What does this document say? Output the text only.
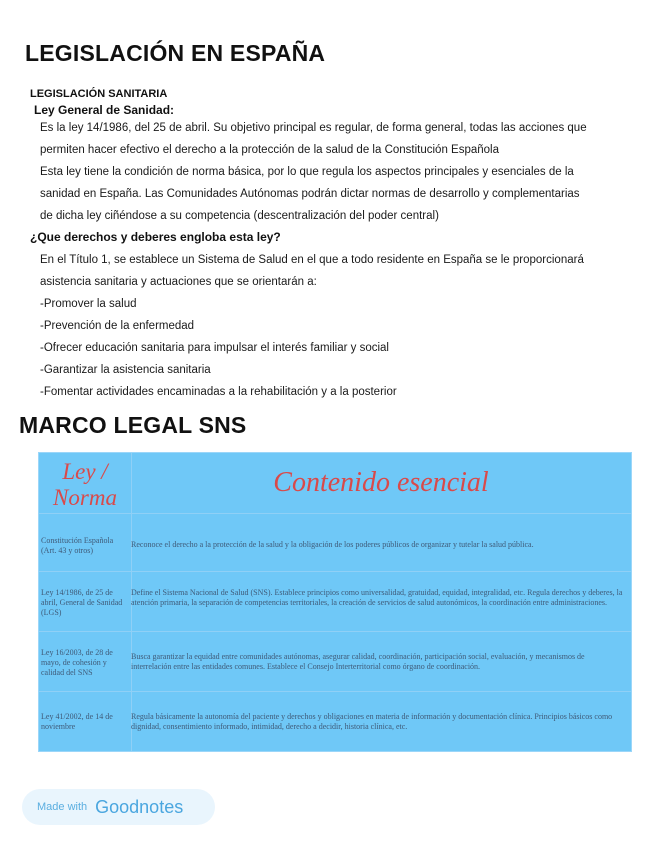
LEGISLACIÓN EN ESPAÑA
LEGISLACIÓN SANITARIA
Ley General de Sanidad:
Es la ley 14/1986, del 25 de abril. Su objetivo principal es regular, de forma general, todas las acciones que
permiten hacer efectivo el derecho a la protección de la salud de la Constitución Española
Esta ley tiene la condición de norma básica, por lo que regula los aspectos principales y esenciales de la
sanidad en España. Las Comunidades Autónomas podrán dictar normas de desarrollo y complementarias
de dicha ley ciñéndose a su competencia (descentralización del poder central)
¿Que derechos y deberes engloba esta ley?
En el Título 1, se establece un Sistema de Salud en el que a todo residente en España se le proporcionará
asistencia sanitaria y actuaciones que se orientarán a:
-Promover la salud
-Prevención de la enfermedad
-Ofrecer educación sanitaria para impulsar el interés familiar y social
-Garantizar la asistencia sanitaria
-Fomentar actividades encaminadas a la rehabilitación y a la posterior
MARCO LEGAL SNS
Ley / Norma	Contenido esencial
Constitución Española (Art. 43 y otros)
Reconoce el derecho a la protección de la salud y la obligación de los poderes públicos de organizar y tutelar la salud pública.
Ley 14/1986, de 25 de abril, General de Sanidad (LGS)
Define el Sistema Nacional de Salud (SNS). Establece principios como universalidad, gratuidad, equidad, integralidad, etc. Regula derechos y deberes, la atención primaria, la separación de competencias territoriales, la creación de servicios de salud autonómicos, la coordinación entre administraciones.
Ley 16/2003, de 28 de mayo, de cohesión y calidad del SNS
Busca garantizar la equidad entre comunidades autónomas, asegurar calidad, coordinación, participación social, evaluación, y mecanismos de interrelación entre las entidades comunes. Establece el Consejo Interterritorial como órgano de coordinación.
Ley 41/2002, de 14 de noviembre
Regula básicamente la autonomía del paciente y derechos y obligaciones en materia de información y documentación clínica. Principios básicos como dignidad, consentimiento informado, intimidad, derecho a decidir, historia clínica, etc.
Made with Goodnotes
